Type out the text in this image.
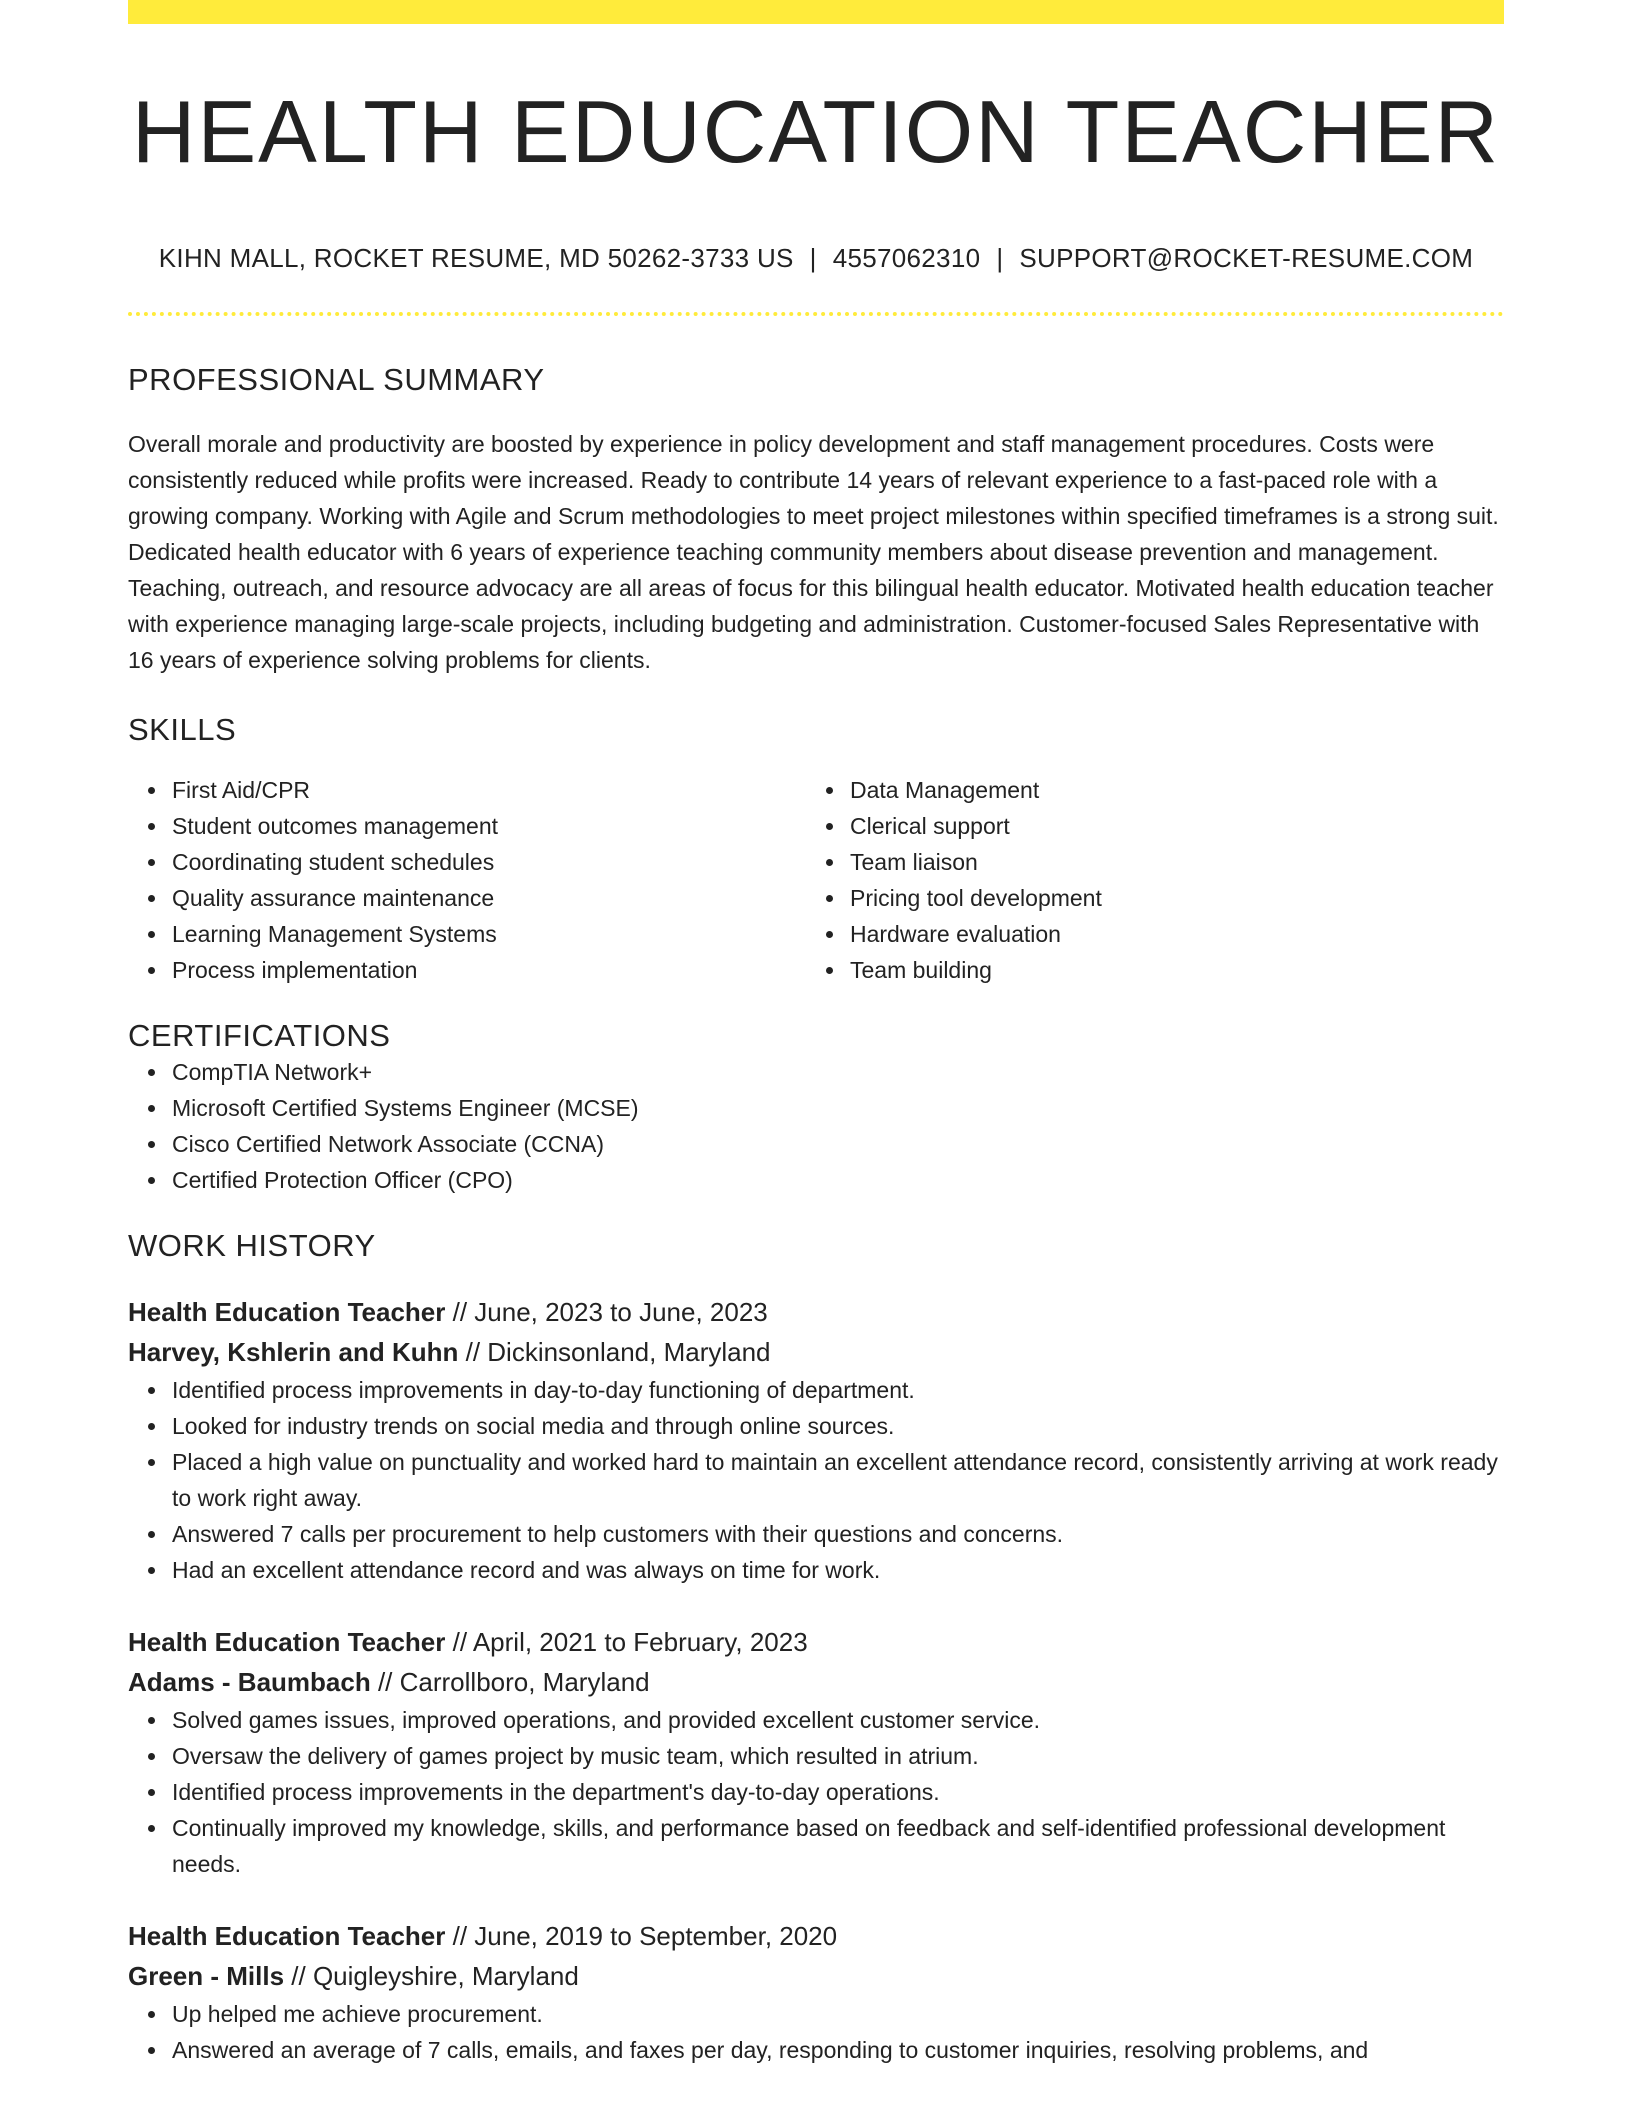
HEALTH EDUCATION TEACHER
KIHN MALL, ROCKET RESUME, MD 50262-3733 US | 4557062310 | SUPPORT@ROCKET-RESUME.COM
PROFESSIONAL SUMMARY

Overall morale and productivity are boosted by experience in policy development and staff management procedures. Costs were consistently reduced while profits were increased. Ready to contribute 14 years of relevant experience to a fast-paced role with a growing company. Working with Agile and Scrum methodologies to meet project milestones within specified timeframes is a strong suit. Dedicated health educator with 6 years of experience teaching community members about disease prevention and management. Teaching, outreach, and resource advocacy are all areas of focus for this bilingual health educator. Motivated health education teacher with experience managing large-scale projects, including budgeting and administration. Customer-focused Sales Representative with 16 years of experience solving problems for clients.

SKILLS
First Aid/CPR
Student outcomes management
Coordinating student schedules
Quality assurance maintenance
Learning Management Systems
Process implementation
Data Management
Clerical support
Team liaison
Pricing tool development
Hardware evaluation
Team building
CERTIFICATIONS
CompTIA Network+
Microsoft Certified Systems Engineer (MCSE)
Cisco Certified Network Associate (CCNA)
Certified Protection Officer (CPO)
WORK HISTORY
Health Education Teacher // June, 2023 to June, 2023
Harvey, Kshlerin and Kuhn // Dickinsonland, Maryland
Identified process improvements in day-to-day functioning of department.
Looked for industry trends on social media and through online sources.
Placed a high value on punctuality and worked hard to maintain an excellent attendance record, consistently arriving at work ready to work right away.
Answered 7 calls per procurement to help customers with their questions and concerns.
Had an excellent attendance record and was always on time for work.
Health Education Teacher // April, 2021 to February, 2023
Adams - Baumbach // Carrollboro, Maryland
Solved games issues, improved operations, and provided excellent customer service.
Oversaw the delivery of games project by music team, which resulted in atrium.
Identified process improvements in the department's day-to-day operations.
Continually improved my knowledge, skills, and performance based on feedback and self-identified professional development needs.
Health Education Teacher // June, 2019 to September, 2020
Green - Mills // Quigleyshire, Maryland
Up helped me achieve procurement.
Answered an average of 7 calls, emails, and faxes per day, responding to customer inquiries, resolving problems, and
